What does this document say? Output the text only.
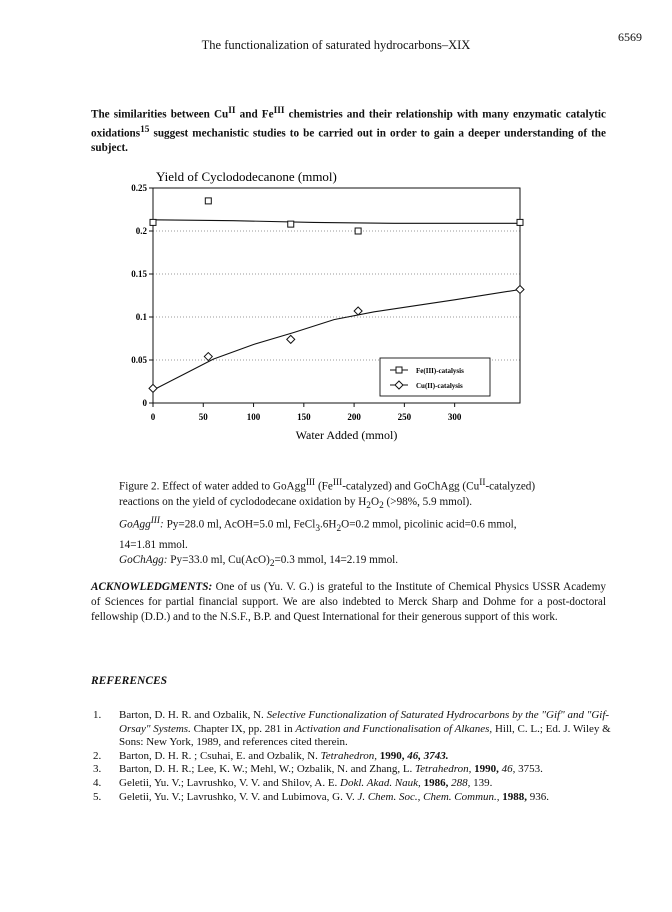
The functionalization of saturated hydrocarbons–XIX
6569
The similarities between $Cu^{II}$ and $Fe^{III}$ chemistries and their relationship with many enzymatic catalytic oxidations$^{15}$ suggest mechanistic studies to be carried out in order to gain a deeper understanding of the subject.
Yield of Cyclododecanone (mmol)
0
0.05
0.1
0.15
0.2
0.25
0	50	100	150	200	250	300
Water Added (mmol)
Fe(III)-catalysis
Cu(II)-catalysis

Figure 2. Effect of water added to GoAgg$^{III}$ $(Fe^{III}-catalyzed)$ and GoChAgg $(Cu^{II}-catalyzed)$

reactions on the yield of cyclododecane oxidation by $H_2O_2$ (>98%, 5.9 mmol).

GoAgg$^{III}$: Py=28.0 ml, AcOH=5.0 ml, $FeCl_3.6H_2O=0.2$ mmol, picolinic acid=0.6 mmol,

14=1.81 mmol.

GoChAgg: Py=33.0 ml, $Cu(AcO)_2=0.3$ mmol, 14=2.19 mmol.

ACKNOWLEDGMENTS: One of us (Yu. V. G.) is grateful to the Institute of Chemical Physics USSR Academy of Sciences for partial financial support. We are also indebted to Merck Sharp and Dohme for a post-doctoral fellowship (D.D.) and to the N.S.F., B.P. and Quest International for their generous support of this work.
REFERENCES
1. Barton, D. H. R. and Ozbalik, N. Selective Functionalization of Saturated Hydrocarbons by the "Gif" and "Gif-Orsay" Systems. Chapter IX, pp. 281 in Activation and Functionalisation of Alkanes, Hill, C. L.; Ed. J. Wiley & Sons: New York, 1989, and references cited therein.
2. Barton, D. H. R. ; Csuhai, E. and Ozbalik, N. Tetrahedron, 1990, 46, 3743.
3. Barton, D. H. R.; Lee, K. W.; Mehl, W.; Ozbalik, N. and Zhang, L. Tetrahedron, 1990, 46, 3753.
4. Geletii, Yu. V.; Lavrushko, V. V. and Shilov, A. E. Dokl. Akad. Nauk, 1986, 288, 139.
5. Geletii, Yu. V.; Lavrushko, V. V. and Lubimova, G. V. J. Chem. Soc., Chem. Commun., 1988, 936.
